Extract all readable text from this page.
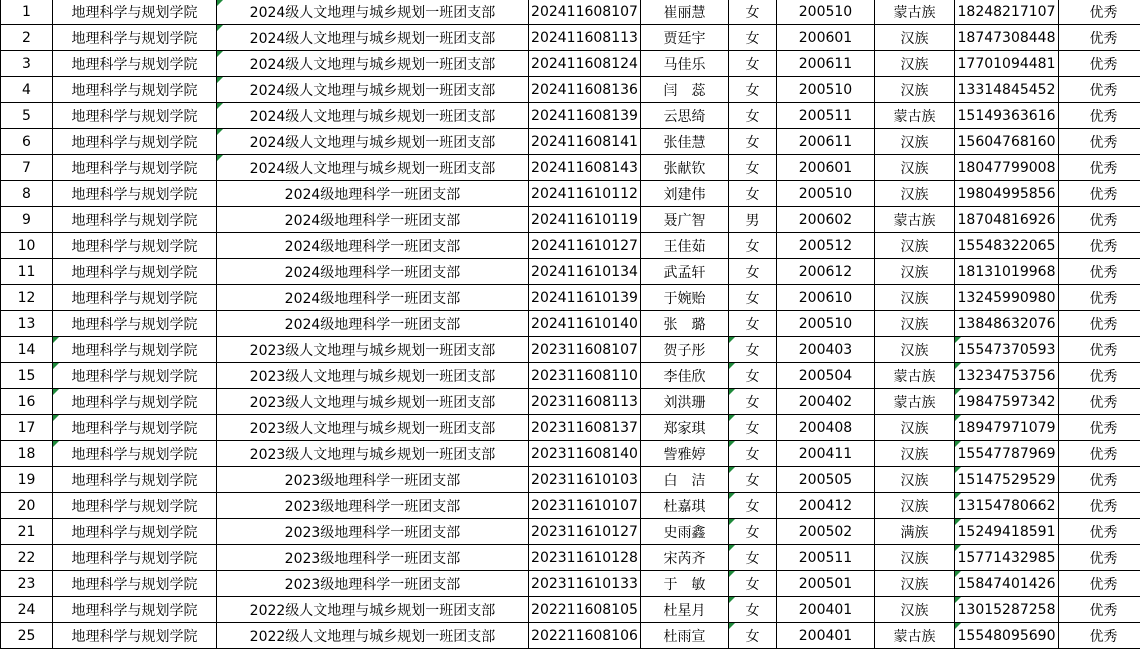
1	地理科学与规划学院	2024级人文地理与城乡规划一班团支部	202411608107	崔丽慧	女	200510	蒙古族	18248217107	优秀
2	地理科学与规划学院	2024级人文地理与城乡规划一班团支部	202411608113	贾廷宇	女	200601	汉族	18747308448	优秀
3	地理科学与规划学院	2024级人文地理与城乡规划一班团支部	202411608124	马佳乐	女	200611	汉族	17701094481	优秀
4	地理科学与规划学院	2024级人文地理与城乡规划一班团支部	202411608136	闫　蕊	女	200510	汉族	13314845452	优秀
5	地理科学与规划学院	2024级人文地理与城乡规划一班团支部	202411608139	云思绮	女	200511	蒙古族	15149363616	优秀
6	地理科学与规划学院	2024级人文地理与城乡规划一班团支部	202411608141	张佳慧	女	200611	汉族	15604768160	优秀
7	地理科学与规划学院	2024级人文地理与城乡规划一班团支部	202411608143	张献钦	女	200601	汉族	18047799008	优秀
8	地理科学与规划学院	2024级地理科学一班团支部	202411610112	刘建伟	女	200510	汉族	19804995856	优秀
9	地理科学与规划学院	2024级地理科学一班团支部	202411610119	聂广智	男	200602	蒙古族	18704816926	优秀
10	地理科学与规划学院	2024级地理科学一班团支部	202411610127	王佳茹	女	200512	汉族	15548322065	优秀
11	地理科学与规划学院	2024级地理科学一班团支部	202411610134	武孟轩	女	200612	汉族	18131019968	优秀
12	地理科学与规划学院	2024级地理科学一班团支部	202411610139	于婉贻	女	200610	汉族	13245990980	优秀
13	地理科学与规划学院	2024级地理科学一班团支部	202411610140	张　璐	女	200510	汉族	13848632076	优秀
14	地理科学与规划学院	2023级人文地理与城乡规划一班团支部	202311608107	贺子彤	女	200403	汉族	15547370593	优秀
15	地理科学与规划学院	2023级人文地理与城乡规划一班团支部	202311608110	李佳欣	女	200504	蒙古族	13234753756	优秀
16	地理科学与规划学院	2023级人文地理与城乡规划一班团支部	202311608113	刘洪珊	女	200402	蒙古族	19847597342	优秀
17	地理科学与规划学院	2023级人文地理与城乡规划一班团支部	202311608137	郑家琪	女	200408	汉族	18947971079	优秀
18	地理科学与规划学院	2023级人文地理与城乡规划一班团支部	202311608140	訾雅婷	女	200411	汉族	15547787969	优秀
19	地理科学与规划学院	2023级地理科学一班团支部	202311610103	白　洁	女	200505	汉族	15147529529	优秀
20	地理科学与规划学院	2023级地理科学一班团支部	202311610107	杜嘉琪	女	200412	汉族	13154780662	优秀
21	地理科学与规划学院	2023级地理科学一班团支部	202311610127	史雨鑫	女	200502	满族	15249418591	优秀
22	地理科学与规划学院	2023级地理科学一班团支部	202311610128	宋芮齐	女	200511	汉族	15771432985	优秀
23	地理科学与规划学院	2023级地理科学一班团支部	202311610133	于　敏	女	200501	汉族	15847401426	优秀
24	地理科学与规划学院	2022级人文地理与城乡规划一班团支部	202211608105	杜星月	女	200401	汉族	13015287258	优秀
25	地理科学与规划学院	2022级人文地理与城乡规划一班团支部	202211608106	杜雨宣	女	200401	蒙古族	15548095690	优秀
